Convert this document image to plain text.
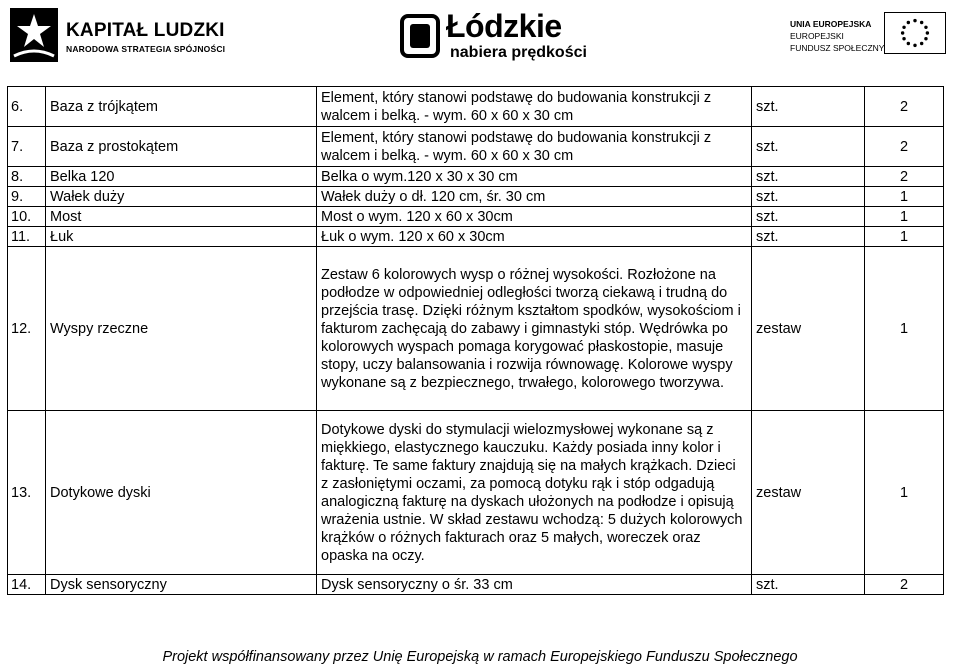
KAPITAŁ LUDZKI
NARODOWA STRATEGIA SPÓJNOŚCI
Łódzkie
nabiera prędkości
UNIA EUROPEJSKA
EUROPEJSKI
FUNDUSZ SPOŁECZNY
6.	Baza z trójkątem	Element, który stanowi podstawę do budowania konstrukcji z walcem i belką. - wym. 60 x 60 x 30 cm	szt.	2
7.	Baza z prostokątem	Element, który stanowi podstawę do budowania konstrukcji z walcem i belką. - wym. 60 x 60 x 30 cm	szt.	2
8.	Belka 120	Belka o wym.120 x 30 x 30 cm	szt.	2
9.	Wałek duży	Wałek duży o dł. 120 cm, śr. 30 cm	szt.	1
10.	Most	Most o wym. 120 x 60 x 30cm	szt.	1
11.	Łuk	Łuk o wym. 120 x 60 x 30cm	szt.	1
12.	Wyspy rzeczne	Zestaw 6 kolorowych wysp o różnej wysokości. Rozłożone na podłodze w odpowiedniej odległości tworzą ciekawą i trudną do przejścia trasę. Dzięki różnym kształtom spodków, wysokościom i fakturom zachęcają do zabawy i gimnastyki stóp. Wędrówka po kolorowych wyspach pomaga korygować płaskostopie, masuje stopy, uczy balansowania i rozwija równowagę. Kolorowe wyspy wykonane są z bezpiecznego, trwałego, kolorowego tworzywa.	zestaw	1
13.	Dotykowe dyski	Dotykowe dyski do stymulacji wielozmysłowej wykonane są z miękkiego, elastycznego kauczuku. Każdy posiada inny kolor i fakturę. Te same faktury znajdują się na małych krążkach. Dzieci z zasłoniętymi oczami, za pomocą dotyku rąk i stóp odgadują analogiczną fakturę na dyskach ułożonych na podłodze i opisują wrażenia ustnie. W skład zestawu wchodzą: 5 dużych kolorowych krążków o różnych fakturach oraz 5 małych, woreczek oraz opaska na oczy.	zestaw	1
14.	Dysk sensoryczny	Dysk sensoryczny o śr. 33 cm	szt.	2
Projekt współfinansowany przez Unię Europejską w ramach Europejskiego Funduszu Społecznego
